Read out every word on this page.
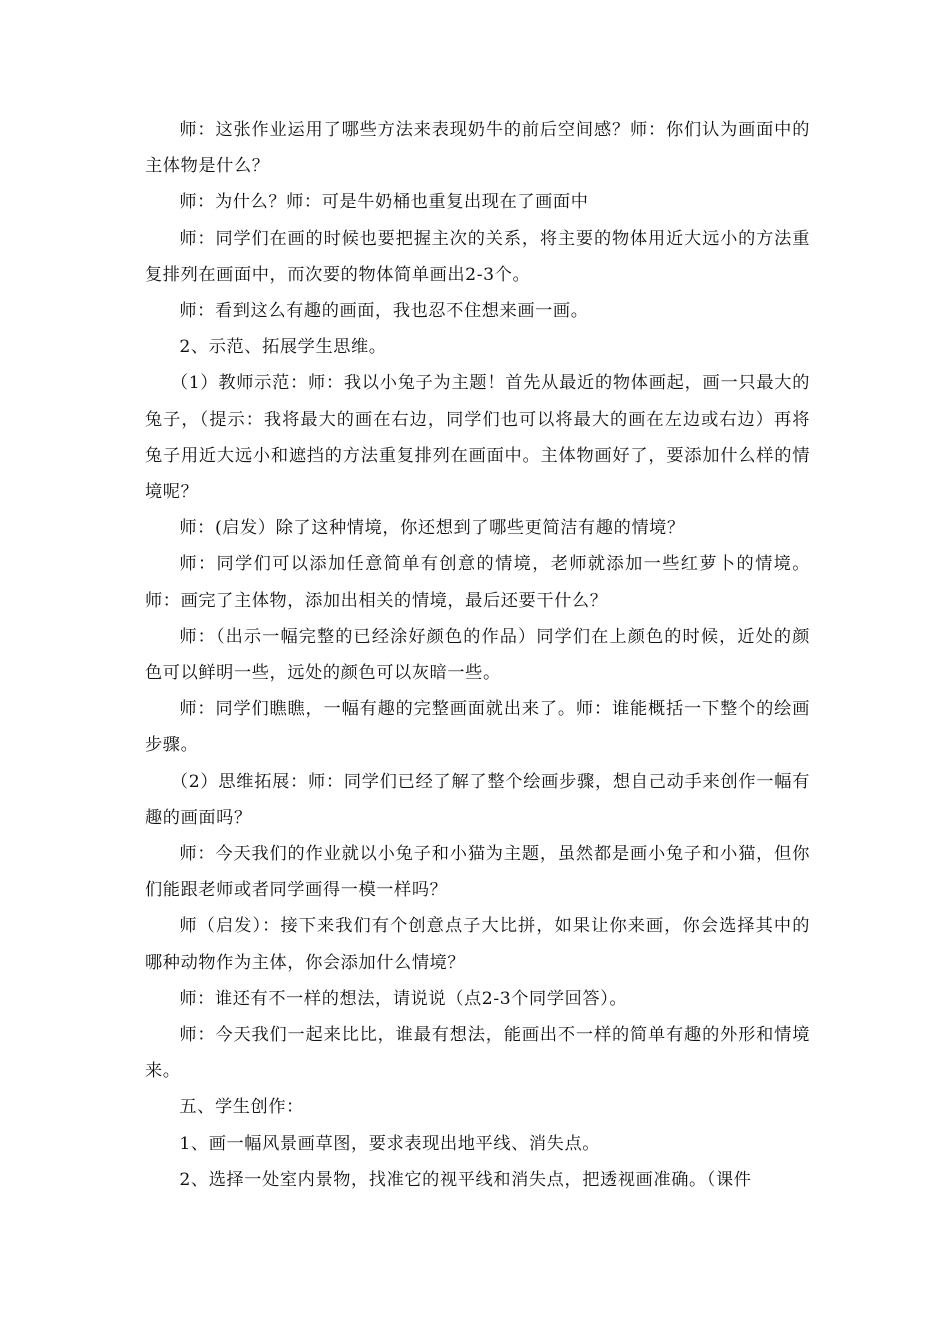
师：这张作业运用了哪些方法来表现奶牛的前后空间感？师：你们认为画面中的主体物是什么？

师：为什么？师：可是牛奶桶也重复出现在了画面中

师：同学们在画的时候也要把握主次的关系，将主要的物体用近大远小的方法重复排列在画面中，而次要的物体简单画出2-3个。

师：看到这么有趣的画面，我也忍不住想来画一画。

2、示范、拓展学生思维。

（1）教师示范：师：我以小兔子为主题！首先从最近的物体画起，画一只最大的兔子，（提示：我将最大的画在右边，同学们也可以将最大的画在左边或右边）再将兔子用近大远小和遮挡的方法重复排列在画面中。主体物画好了，要添加什么样的情境呢？

师：(启发）除了这种情境，你还想到了哪些更简洁有趣的情境？

师：同学们可以添加任意简单有创意的情境，老师就添加一些红萝卜的情境。师：画完了主体物，添加出相关的情境，最后还要干什么？

师：（出示一幅完整的已经涂好颜色的作品）同学们在上颜色的时候，近处的颜色可以鲜明一些，远处的颜色可以灰暗一些。

师：同学们瞧瞧，一幅有趣的完整画面就出来了。师：谁能概括一下整个的绘画步骤。

（2）思维拓展：师：同学们已经了解了整个绘画步骤，想自己动手来创作一幅有趣的画面吗？

师：今天我们的作业就以小兔子和小猫为主题，虽然都是画小兔子和小猫，但你们能跟老师或者同学画得一模一样吗？

师（启发）：接下来我们有个创意点子大比拼，如果让你来画，你会选择其中的哪种动物作为主体，你会添加什么情境？

师：谁还有不一样的想法，请说说（点2-3个同学回答）。

师：今天我们一起来比比，谁最有想法，能画出不一样的简单有趣的外形和情境来。

五、学生创作：

1、画一幅风景画草图，要求表现出地平线、消失点。

2、选择一处室内景物，找准它的视平线和消失点，把透视画准确。（课件
